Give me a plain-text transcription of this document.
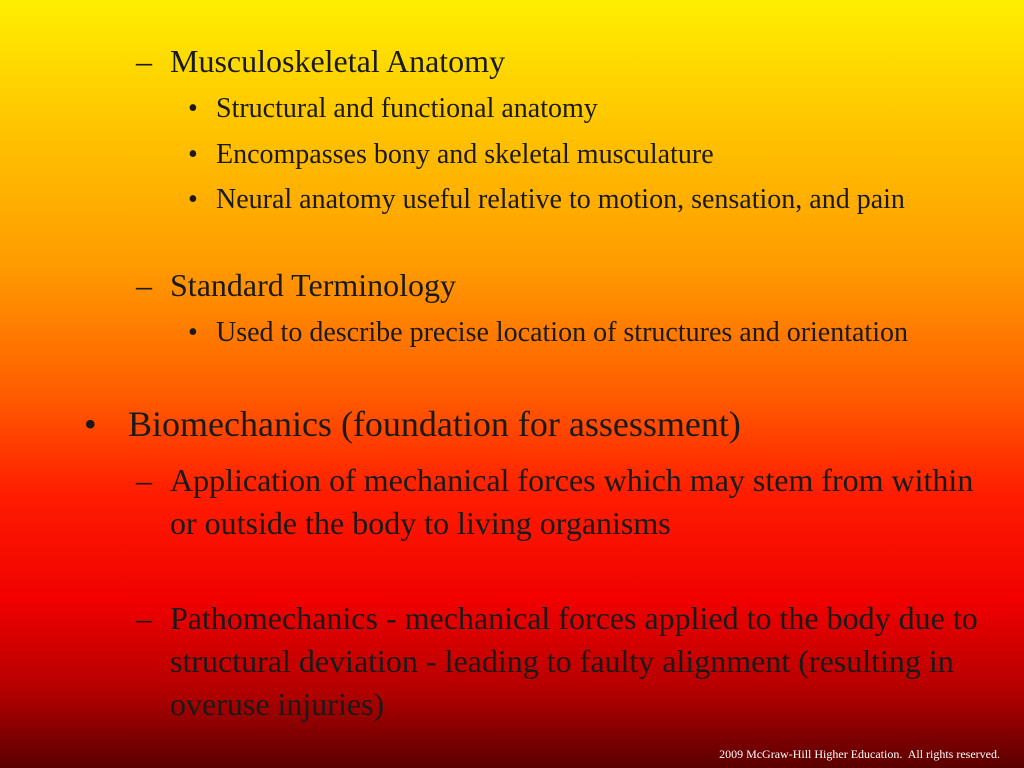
– Musculoskeletal Anatomy
• Structural and functional anatomy
• Encompasses bony and skeletal musculature
• Neural anatomy useful relative to motion, sensation, and pain
– Standard Terminology
• Used to describe precise location of structures and orientation
• Biomechanics (foundation for assessment)
– Application of mechanical forces which may stem from within or outside the body to living organisms
– Pathomechanics - mechanical forces applied to the body due to structural deviation - leading to faulty alignment (resulting in overuse injuries)
2009 McGraw-Hill Higher Education.  All rights reserved.
